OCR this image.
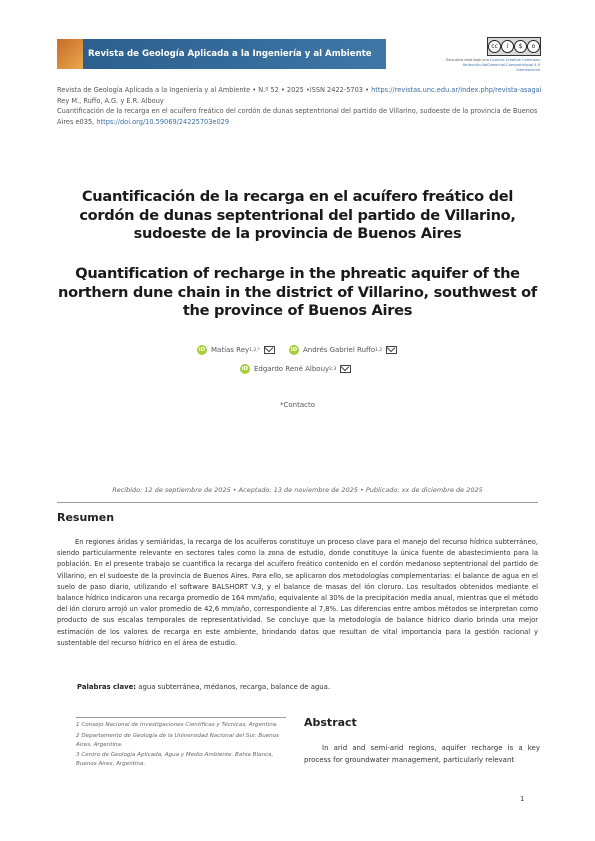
Revista de Geología Aplicada a la Ingeniería y al Ambiente
cc	i	$	o
Esta obra está bajo una Licencia Creative Commons Atribución-NoComercial-CompartirIgual 4.0 Internacional
Revista de Geología Aplicada a la Ingeniería y al Ambiente • N.º 52 • 2025 •ISSN 2422-5703 • https://revistas.unc.edu.ar/index.php/revista-asagai
Rey M., Ruffo, A.G. y E.R. Albouy
Cuantificación de la recarga en el acuífero freático del cordón de dunas septentrional del partido de Villarino, sudoeste de la provincia de Buenos Aires e035, https://doi.org/10.59069/24225703e029
Cuantificación de la recarga en el acuífero freático del cordón de dunas septentrional del partido de Villarino, sudoeste de la provincia de Buenos Aires
Quantification of recharge in the phreatic aquifer of the northern dune chain in the district of Villarino, southwest of the province of Buenos Aires
iD Matías Rey 1,2,*	iD Andrés Gabriel Ruffo 1,2
iD Edgardo René Albouy 2,3
*Contacto
Recibido: 12 de septiembre de 2025 • Aceptado: 13 de noviembre de 2025 • Publicado: xx de diciembre de 2025
Resumen

En regiones áridas y semiáridas, la recarga de los acuíferos constituye un proceso clave para el manejo del recurso hídrico subterráneo, siendo particularmente relevante en sectores tales como la zona de estudio, donde constituye la única fuente de abastecimiento para la población. En el presente trabajo se cuantifica la recarga del acuífero freático contenido en el cordón medanoso septentrional del partido de Villarino, en el sudoeste de la provincia de Buenos Aires. Para ello, se aplicaron dos metodologías complementarias: el balance de agua en el suelo de paso diario, utilizando el software BALSHORT V.3, y el balance de masas del ión cloruro. Los resultados obtenidos mediante el balance hídrico indicaron una recarga promedio de 164 mm/año, equivalente al 30% de la precipitación media anual, mientras que el método del ión cloruro arrojó un valor promedio de 42,6 mm/año, correspondiente al 7,8%. Las diferencias entre ambos métodos se interpretan como producto de sus escalas temporales de representatividad. Se concluye que la metodología de balance hídrico diario brinda una mejor estimación de los valores de recarga en este ambiente, brindando datos que resultan de vital importancia para la gestión racional y sustentable del recurso hídrico en el área de estudio.

Palabras clave: agua subterránea, médanos, recarga, balance de agua.
1 Consejo Nacional de Investigaciones Científicas y Técnicas, Argentina.
2 Departamento de Geología de la Universidad Nacional del Sur. Buenos Aires, Argentina.
3 Centro de Geología Aplicada, Agua y Medio Ambiente. Bahía Blanca, Buenos Aires, Argentina.
Abstract

In arid and semi-arid regions, aquifer recharge is a key process for groundwater management, particularly relevant

1
